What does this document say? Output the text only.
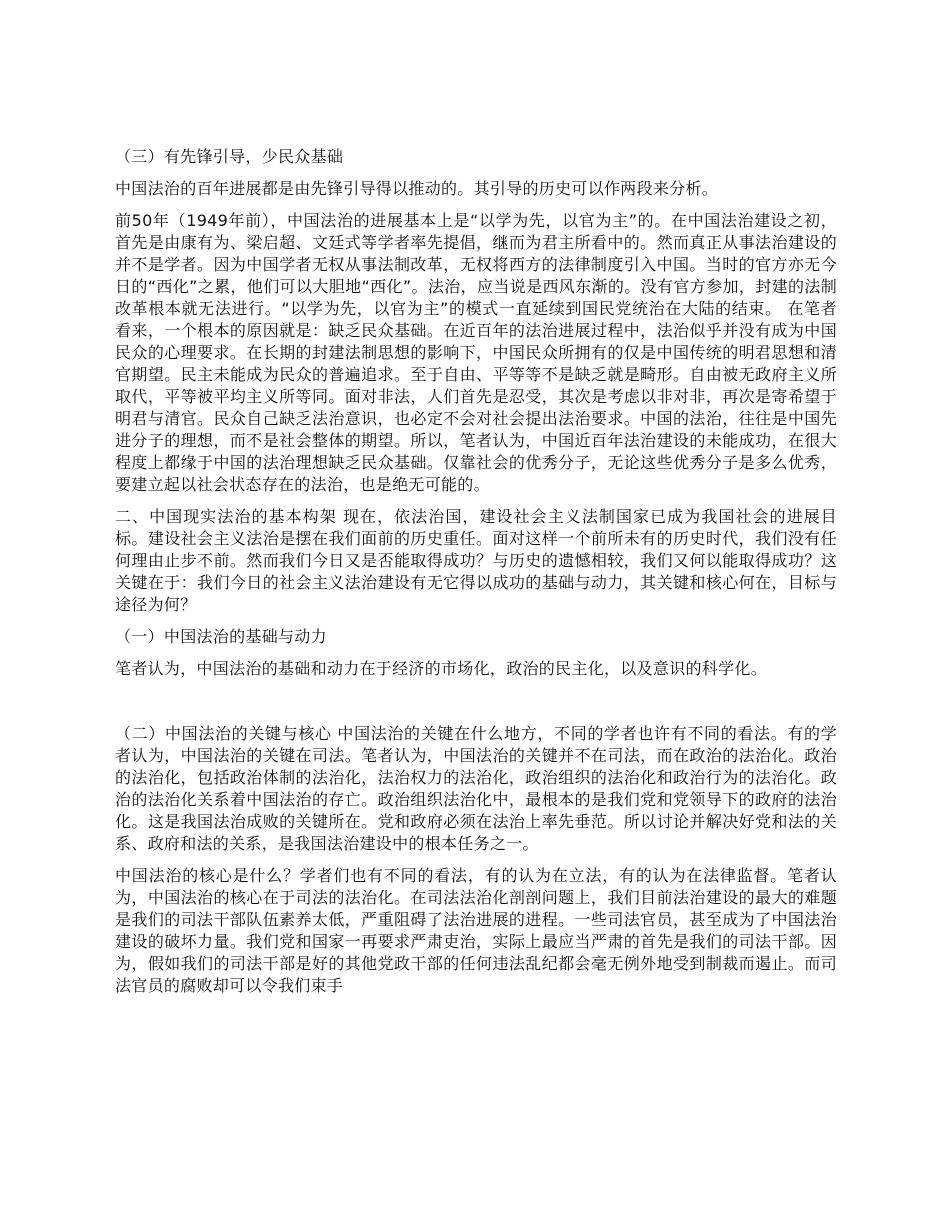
（三）有先锋引导，少民众基础

中国法治的百年进展都是由先锋引导得以推动的。其引导的历史可以作两段来分析。

前50年（1949年前），中国法治的进展基本上是“以学为先，以官为主”的。在中国法治建设之初，首先是由康有为、梁启超、文廷式等学者率先提倡，继而为君主所看中的。然而真正从事法治建设的并不是学者。因为中国学者无权从事法制改革，无权将西方的法律制度引入中国。当时的官方亦无今日的“西化”之累，他们可以大胆地“西化”。法治，应当说是西风东渐的。没有官方参加，封建的法制改革根本就无法进行。“以学为先，以官为主”的模式一直延续到国民党统治在大陆的结束。 在笔者看来，一个根本的原因就是：缺乏民众基础。在近百年的法治进展过程中，法治似乎并没有成为中国民众的心理要求。在长期的封建法制思想的影响下，中国民众所拥有的仅是中国传统的明君思想和清官期望。民主未能成为民众的普遍追求。至于自由、平等等不是缺乏就是畸形。自由被无政府主义所取代，平等被平均主义所等同。面对非法，人们首先是忍受，其次是考虑以非对非，再次是寄希望于明君与清官。民众自己缺乏法治意识，也必定不会对社会提出法治要求。中国的法治，往往是中国先进分子的理想，而不是社会整体的期望。所以，笔者认为，中国近百年法治建设的未能成功，在很大程度上都缘于中国的法治理想缺乏民众基础。仅靠社会的优秀分子，无论这些优秀分子是多么优秀，要建立起以社会状态存在的法治，也是绝无可能的。

二、中国现实法治的基本构架 现在，依法治国，建设社会主义法制国家已成为我国社会的进展目标。建设社会主义法治是摆在我们面前的历史重任。面对这样一个前所未有的历史时代，我们没有任何理由止步不前。然而我们今日又是否能取得成功？与历史的遗憾相较，我们又何以能取得成功？这关键在于：我们今日的社会主义法治建设有无它得以成功的基础与动力，其关键和核心何在，目标与途径为何？

（一）中国法治的基础与动力

笔者认为，中国法治的基础和动力在于经济的市场化，政治的民主化，以及意识的科学化。

（二）中国法治的关键与核心 中国法治的关键在什么地方，不同的学者也许有不同的看法。有的学者认为，中国法治的关键在司法。笔者认为，中国法治的关键并不在司法，而在政治的法治化。政治的法治化，包括政治体制的法治化，法治权力的法治化，政治组织的法治化和政治行为的法治化。政治的法治化关系着中国法治的存亡。政治组织法治化中，最根本的是我们党和党领导下的政府的法治化。这是我国法治成败的关键所在。党和政府必须在法治上率先垂范。所以讨论并解决好党和法的关系、政府和法的关系，是我国法治建设中的根本任务之一。

中国法治的核心是什么？学者们也有不同的看法，有的认为在立法，有的认为在法律监督。笔者认为，中国法治的核心在于司法的法治化。在司法法治化剖剖问题上，我们目前法治建设的最大的难题是我们的司法干部队伍素养太低，严重阻碍了法治进展的进程。一些司法官员，甚至成为了中国法治建设的破坏力量。我们党和国家一再要求严肃吏治，实际上最应当严肃的首先是我们的司法干部。因为，假如我们的司法干部是好的其他党政干部的任何违法乱纪都会毫无例外地受到制裁而遏止。而司法官员的腐败却可以令我们束手
